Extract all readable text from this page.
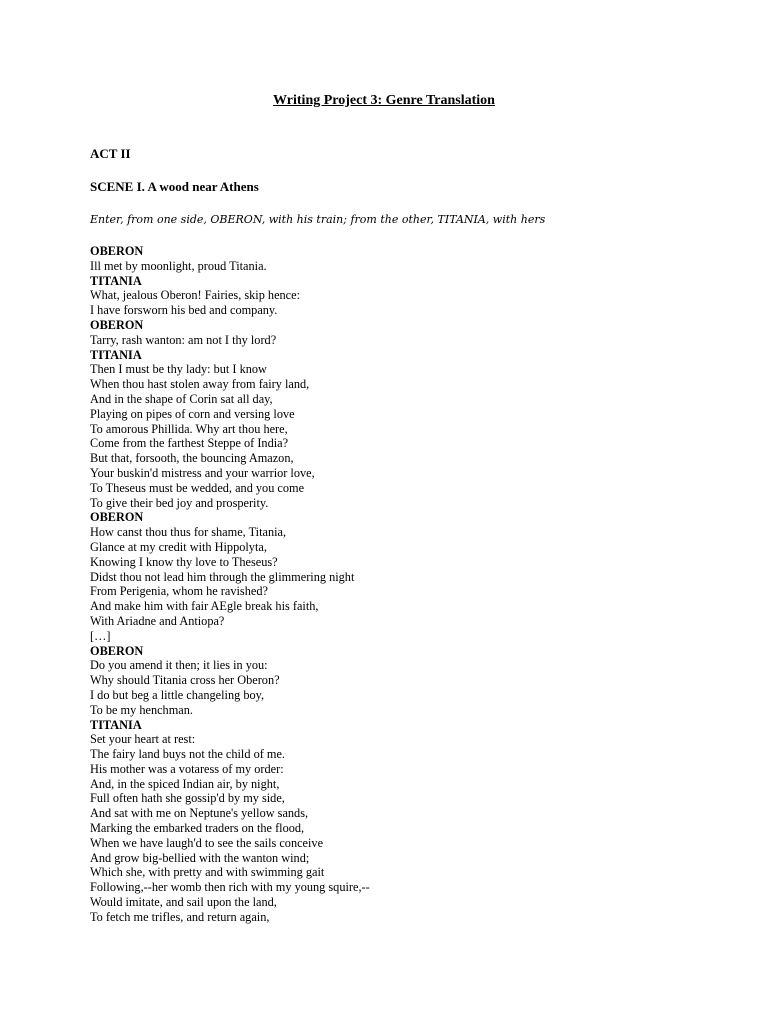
Writing Project 3: Genre Translation
ACT II
SCENE I. A wood near Athens
Enter, from one side, OBERON, with his train; from the other, TITANIA, with hers
OBERON
Ill met by moonlight, proud Titania.
TITANIA
What, jealous Oberon! Fairies, skip hence:
I have forsworn his bed and company.
OBERON
Tarry, rash wanton: am not I thy lord?
TITANIA
Then I must be thy lady: but I know
When thou hast stolen away from fairy land,
And in the shape of Corin sat all day,
Playing on pipes of corn and versing love
To amorous Phillida. Why art thou here,
Come from the farthest Steppe of India?
But that, forsooth, the bouncing Amazon,
Your buskin'd mistress and your warrior love,
To Theseus must be wedded, and you come
To give their bed joy and prosperity.
OBERON
How canst thou thus for shame, Titania,
Glance at my credit with Hippolyta,
Knowing I know thy love to Theseus?
Didst thou not lead him through the glimmering night
From Perigenia, whom he ravished?
And make him with fair AEgle break his faith,
With Ariadne and Antiopa?
[…]
OBERON
Do you amend it then; it lies in you:
Why should Titania cross her Oberon?
I do but beg a little changeling boy,
To be my henchman.
TITANIA
Set your heart at rest:
The fairy land buys not the child of me.
His mother was a votaress of my order:
And, in the spiced Indian air, by night,
Full often hath she gossip'd by my side,
And sat with me on Neptune's yellow sands,
Marking the embarked traders on the flood,
When we have laugh'd to see the sails conceive
And grow big-bellied with the wanton wind;
Which she, with pretty and with swimming gait
Following,--her womb then rich with my young squire,--
Would imitate, and sail upon the land,
To fetch me trifles, and return again,
